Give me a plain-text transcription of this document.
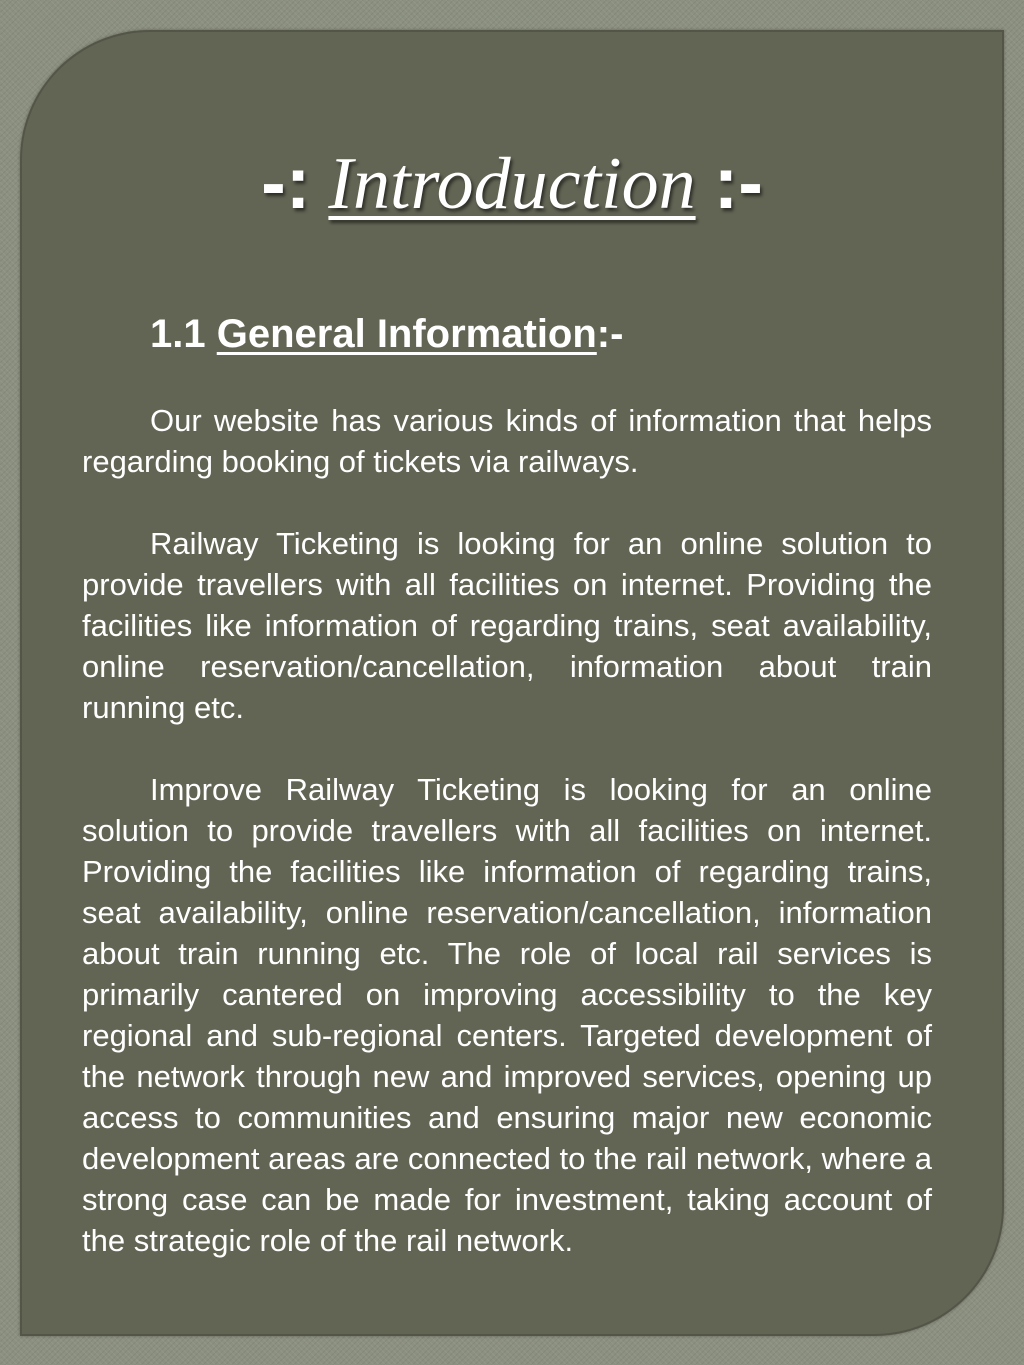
-: Introduction :-
1.1 General Information:-

Our website has various kinds of information that helps regarding booking of tickets via railways.

Railway Ticketing is looking for an online solution to provide travellers with all facilities on internet. Providing the facilities like information of regarding trains, seat availability, online reservation/cancellation, information about train running etc.

Improve Railway Ticketing is looking for an online solution to provide travellers with all facilities on internet. Providing the facilities like information of regarding trains, seat availability, online reservation/cancellation, information about train running etc. The role of local rail services is primarily cantered on improving accessibility to the key regional and sub-regional centers. Targeted development of the network through new and improved services, opening up access to communities and ensuring major new economic development areas are connected to the rail network, where a strong case can be made for investment, taking account of the strategic role of the rail network.
